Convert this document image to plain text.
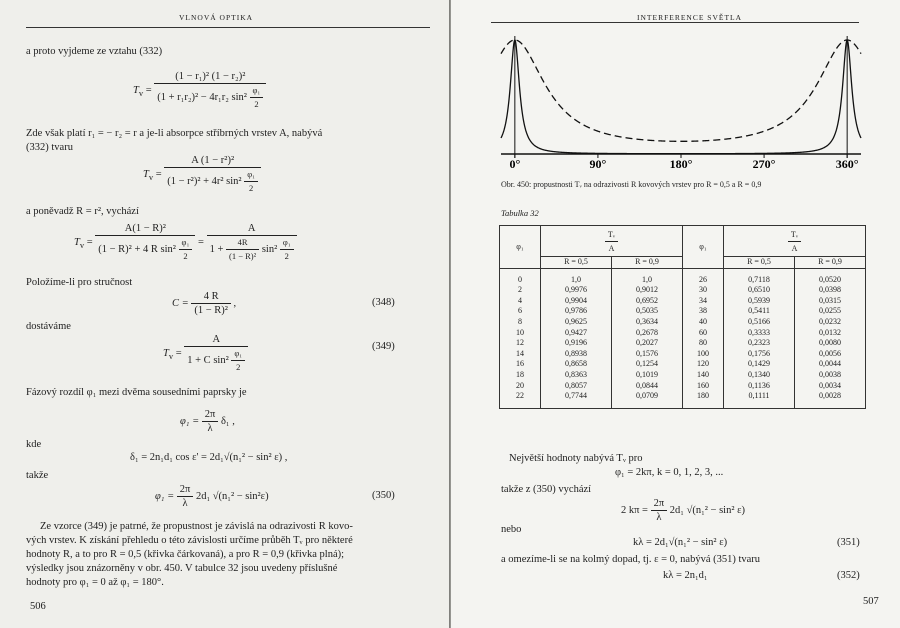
VLNOVÁ OPTIKA
a proto vyjdeme ze vztahu (332)
$T_v = \frac{\text{(1 − r₁)² (1 − r₂)²}}{(1 + r_1r_2)^2 - 4r_1r_2 \sin^2 \frac{\text{φ₁}}{2}}$
Zde však platí r₁ = − r₂ = r a je-li absorpce stříbrných vrstev A, nabývá
(332) tvaru
$T_v = \frac{\text{A (1 − r²)²}}{(1 - r^2)^2 + 4r^2 \sin^2 \frac{\text{φ₁}}{2}}$
a poněvadž R = r², vychází
$T_v = \frac{\text{A(1 − R)²}}{(1 - R)^2 + 4 R \sin^2 \frac{\text{φ₁}}{2}} = \frac{A}{1 + \frac{4R}{\text{(1 − R)²}} \sin^2 \frac{\text{φ₁}}{2}}$
Položíme-li pro stručnost
$C = \frac{4 R}{\text{(1 − R)²}}$ ,	(348)
dostáváme
$T_v = \frac{A}{1 + C \sin^2 \frac{\text{φ₁}}{2}}$	(349)
Fázový rozdíl φ₁ mezi dvěma sousedními paprsky je
$\varphi_1 = \frac{2\pi}{\lambda} \delta_1$ ,
kde
δ₁ = 2n₁d₁ cos ε' = 2d₁√(n₁² − sin² ε) ,
takže
$\varphi_1 = \frac{2\pi}{\lambda} 2d_1$ √(n₁² − sin²ε)	(350)
Ze vzorce (349) je patrné, že propustnost je závislá na odrazivosti R kovo-
vých vrstev. K získání přehledu o této závislosti určíme průběh Tᵥ pro některé
hodnoty R, a to pro R = 0,5 (křivka čárkovaná), a pro R = 0,9 (křivka plná);
výsledky jsou znázorněny v obr. 450. V tabulce 32 jsou uvedeny příslušné
hodnoty pro φ₁ = 0 až φ₁ = 180°.
506
INTERFERENCE SVĚTLA
0°	90°	180°	270°	360°
Obr. 450: propustnosti Tᵥ na odrazivosti R kovových vrstev pro R = 0,5 a R = 0,9
Tabulka 32
φ₁	$\frac{\text{Tᵥ}}{A}$		φ₁	$\frac{\text{Tᵥ}}{A}$

	R = 0,5	R = 0,9		R = 0,5	R = 0,9
0	1,0	1,0	26	0,7118	0,0520
2	0,9976	0,9012	30	0,6510	0,0398
4	0,9904	0,6952	34	0,5939	0,0315
6	0,9786	0,5035	38	0,5411	0,0255
8	0,9625	0,3634	40	0,5166	0,0232
10	0,9427	0,2678	60	0,3333	0,0132
12	0,9196	0,2027	80	0,2323	0,0080
14	0,8938	0,1576	100	0,1756	0,0056
16	0,8658	0,1254	120	0,1429	0,0044
18	0,8363	0,1019	140	0,1340	0,0038
20	0,8057	0,0844	160	0,1136	0,0034
22	0,7744	0,0709	180	0,1111	0,0028
Největší hodnoty nabývá Tᵥ pro
φ₁ = 2kπ, k = 0, 1, 2, 3, ...
takže z (350) vychází
2 $k\pi = \frac{2\pi}{\lambda} 2d_1$ √(n₁² − sin² ε)
nebo
kλ = 2d₁√(n₁² − sin² ε)	(351)
a omezíme-li se na kolmý dopad, tj. ε = 0, nabývá (351) tvaru
kλ = 2n₁d₁	(352)
507
